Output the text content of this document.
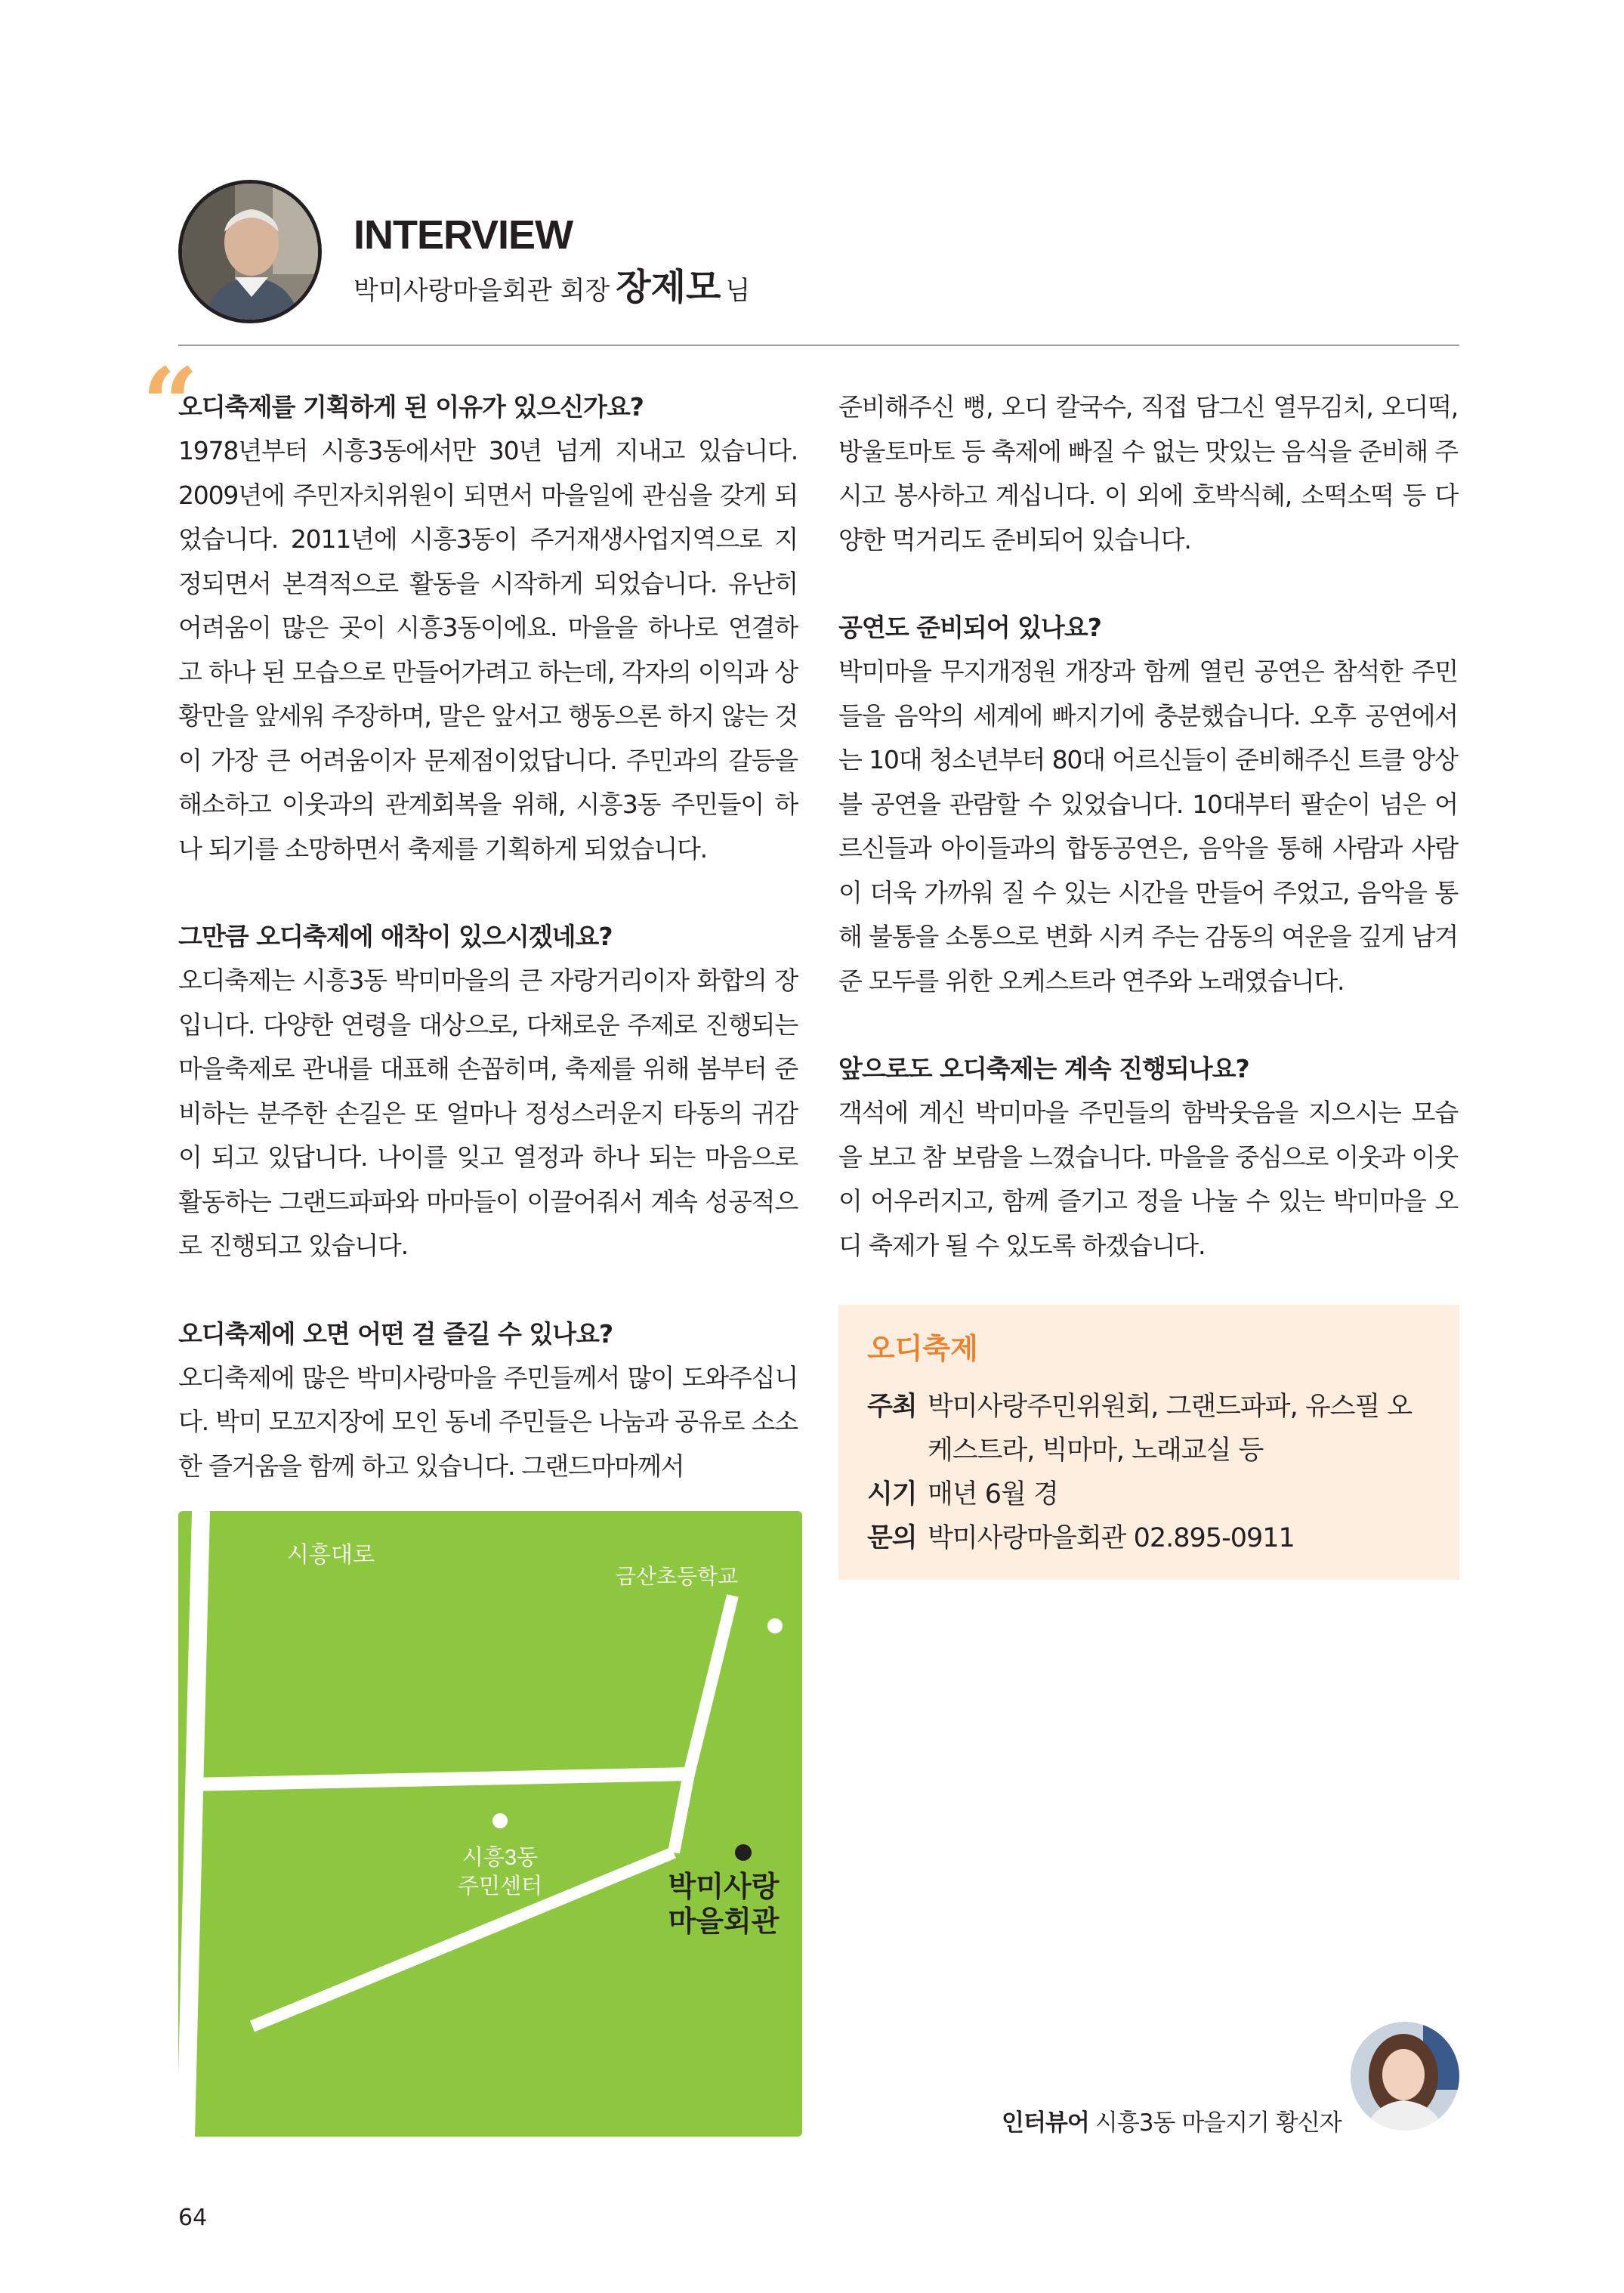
INTERVIEW
박미사랑마을회관 회장 장제모 님
“

오디축제를 기획하게 된 이유가 있으신가요?

1978년부터 시흥3동에서만 30년 넘게 지내고 있습니다. 2009년에 주민자치위원이 되면서 마을일에 관심을 갖게 되었습니다. 2011년에 시흥3동이 주거재생사업지역으로 지정되면서 본격적으로 활동을 시작하게 되었습니다. 유난히 어려움이 많은 곳이 시흥3동이에요. 마을을 하나로 연결하고 하나 된 모습으로 만들어가려고 하는데, 각자의 이익과 상황만을 앞세워 주장하며, 말은 앞서고 행동으론 하지 않는 것이 가장 큰 어려움이자 문제점이었답니다. 주민과의 갈등을 해소하고 이웃과의 관계회복을 위해, 시흥3동 주민들이 하나 되기를 소망하면서 축제를 기획하게 되었습니다.

그만큼 오디축제에 애착이 있으시겠네요?

오디축제는 시흥3동 박미마을의 큰 자랑거리이자 화합의 장입니다. 다양한 연령을 대상으로, 다채로운 주제로 진행되는 마을축제로 관내를 대표해 손꼽히며, 축제를 위해 봄부터 준비하는 분주한 손길은 또 얼마나 정성스러운지 타동의 귀감이 되고 있답니다. 나이를 잊고 열정과 하나 되는 마음으로 활동하는 그랜드파파와 마마들이 이끌어줘서 계속 성공적으로 진행되고 있습니다.

오디축제에 오면 어떤 걸 즐길 수 있나요?

오디축제에 많은 박미사랑마을 주민들께서 많이 도와주십니다. 박미 모꼬지장에 모인 동네 주민들은 나눔과 공유로 소소한 즐거움을 함께 하고 있습니다. 그랜드마마께서

준비해주신 뻥, 오디 칼국수, 직접 담그신 열무김치, 오디떡, 방울토마토 등 축제에 빠질 수 없는 맛있는 음식을 준비해 주시고 봉사하고 계십니다. 이 외에 호박식혜, 소떡소떡 등 다양한 먹거리도 준비되어 있습니다.

공연도 준비되어 있나요?

박미마을 무지개정원 개장과 함께 열린 공연은 참석한 주민들을 음악의 세계에 빠지기에 충분했습니다. 오후 공연에서는 10대 청소년부터 80대 어르신들이 준비해주신 트클 앙상블 공연을 관람할 수 있었습니다. 10대부터 팔순이 넘은 어르신들과 아이들과의 합동공연은, 음악을 통해 사람과 사람이 더욱 가까워 질 수 있는 시간을 만들어 주었고, 음악을 통해 불통을 소통으로 변화 시켜 주는 감동의 여운을 깊게 남겨준 모두를 위한 오케스트라 연주와 노래였습니다.

앞으로도 오디축제는 계속 진행되나요?

객석에 계신 박미마을 주민들의 함박웃음을 지으시는 모습을 보고 참 보람을 느꼈습니다. 마을을 중심으로 이웃과 이웃이 어우러지고, 함께 즐기고 정을 나눌 수 있는 박미마을 오디 축제가 될 수 있도록 하겠습니다.

오디축제

주최 박미사랑주민위원회, 그랜드파파, 유스필 오케스트라, 빅마마, 노래교실 등
시기 매년 6월 경
문의 박미사랑마을회관 02.895-0911
시흥대로
금산초등학교
시흥3동
주민센터	박미사랑
마을회관
인터뷰어 시흥3동 마을지기 황신자
64
